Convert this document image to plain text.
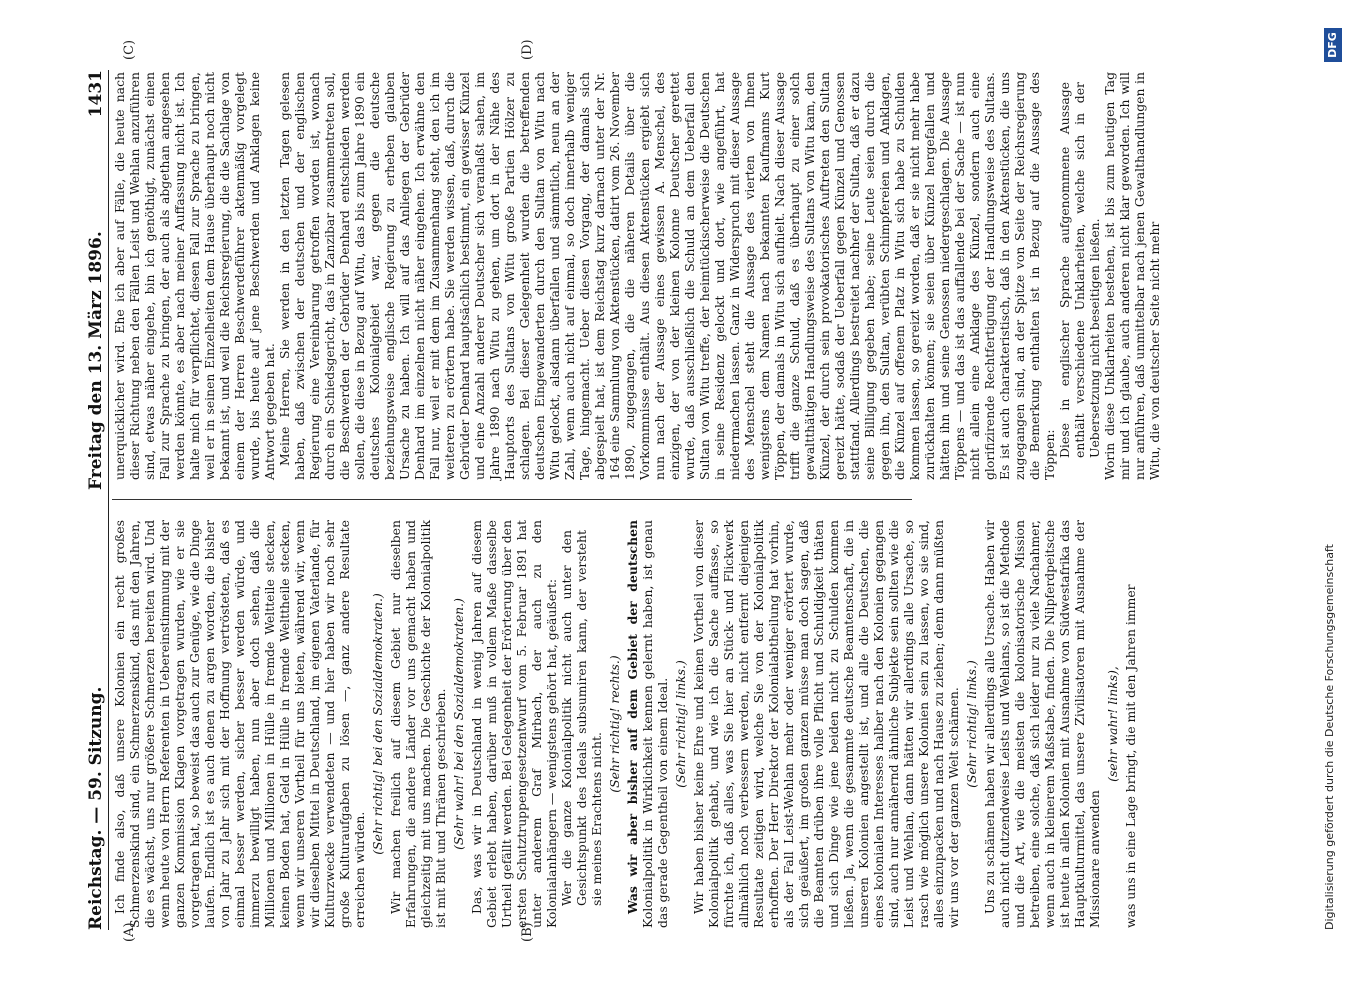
Reichstag. — 59. Sitzung.
Freitag den 13. März 1896.
1431
(A)	(B)
(C)	(D)

Ich finde also, daß unsere Kolonien ein recht großes Schmerzenskind sind, ein Schmerzenskind, das mit den Jahren, die es wächst, uns nur größere Schmerzen bereiten wird. Und wenn heute von Herrn Referenten in Uebereinstimmung mit der ganzen Kommission Klagen vorgetragen wurden, wie er sie vorgetragen hat, so beweist das auch zur Genüge, wie die Dinge laufen. Endlich ist es auch denen zu argen worden, die bisher von Jahr zu Jahr sich mit der Hoffnung vertrösteten, daß es einmal besser werden, sicher besser werden würde, und immerzu bewilligt haben, nun aber doch sehen, daß die Millionen und Millionen in Hülle in fremde Weltteile stecken, keinen Boden hat, Geld in Hülle in fremde Welttheile stecken, wenn wir unseren Vortheil für uns bieten, während wir, wenn wir dieselben Mittel in Deutschland, im eigenen Vaterlande, für Kulturzwecke verwendeten — und hier haben wir noch sehr große Kulturaufgaben zu lösen —, ganz andere Resultate erreichen würden.

(Sehr richtig! bei den Sozialdemokraten.) Wir machen freilich auf diesem Gebiet nur dieselben Erfahrungen, die andere Länder vor uns gemacht haben und gleichzeitig mit uns machen. Die Geschichte der Kolonialpolitik ist mit Blut und Thränen geschrieben. (Sehr wahr! bei den Sozialdemokraten.) Das, was wir in Deutschland in wenig Jahren auf diesem Gebiet erlebt haben, darüber muß in vollem Maße dasselbe Urtheil gefällt werden. Bei Gelegenheit der Erörterung über den ersten Schutztruppengesetzentwurf vom 5. Februar 1891 hat unter anderem Graf Mirbach, der auch zu den Kolonialanhängern — wenigstens gehört hat, geäußert: Wer die ganze Kolonialpolitik nicht auch unter den Gesichtspunkt des Ideals subsumiren kann, der versteht sie meines Erachtens nicht.

(Sehr richtig! rechts.) Was wir aber bisher auf dem Gebiet der deutschen Kolonialpolitik in Wirklichkeit kennen gelernt haben, ist genau das gerade Gegentheil von einem Ideal. (Sehr richtig! links.) Wir haben bisher keine Ehre und keinen Vortheil von dieser Kolonialpolitik gehabt, und wie ich die Sache auffasse, so fürchte ich, daß alles, was Sie hier an Stück- und Flickwerk allmählich noch verbessern werden, nicht entfernt diejenigen Resultate zeitigen wird, welche Sie von der Kolonialpolitik erhofften. Der Herr Direktor der Kolonialabtheilung hat vorhin, als der Fall Leist-Wehlan mehr oder weniger erörtert wurde, sich geäußert, im großen ganzen müsse man doch sagen, daß die Beamten drüben ihre volle Pflicht und Schuldigkeit thäten und sich Dinge wie jene beiden nicht zu Schulden kommen ließen. Ja, wenn die gesammte deutsche Beamtenschaft, die in unseren Kolonien angestellt ist, und alle die Deutschen, die eines kolonialen Interesses halber nach den Kolonien gegangen sind, auch nur annähernd ähnliche Subjekte sein sollten wie die Leist und Wehlan, dann hätten wir allerdings alle Ursache, so rasch wie möglich unsere Kolonien sein zu lassen, wo sie sind, alles einzupacken und nach Hause zu ziehen; denn dann müßten wir uns vor der ganzen Welt schämen. (Sehr richtig! links.) Uns zu schämen haben wir allerdings alle Ursache. Haben wir auch nicht dutzendweise Leists und Wehlans, so ist die Methode und die Art, wie die meisten die kolonisatorische Mission betreiben, eine solche, daß sich leider nur zu viele Nachahmer, wenn auch in kleinerem Maßstabe, finden. Die Nilpferdpeitsche ist heute in allen Kolonien mit Ausnahme von Südwestafrika das Hauptkulturmittel, das unsere Zivilisatoren mit Ausnahme der Missionare anwenden

(sehr wahr! links), was uns in eine Lage bringt, die mit den Jahren immer

unerquicklicher wird. Ehe ich aber auf Fälle, die heute nach dieser Richtung neben den Fällen Leist und Wehlan anzuführen sind, etwas näher eingehe, bin ich genöthigt, zunächst einen Fall zur Sprache zu bringen, der auch als abgethan angesehen werden könnte, es aber nach meiner Auffassung nicht ist. Ich halte mich für verpflichtet, diesen Fall zur Sprache zu bringen, weil er in seinen Einzelheiten dem Hause überhaupt noch nicht bekannt ist, und weil die Reichsregierung, die die Sachlage von einem der Herren Beschwerdeführer aktenmäßig vorgelegt wurde, bis heute auf jene Beschwerden und Anklagen keine Antwort gegeben hat. Meine Herren, Sie werden in den letzten Tagen gelesen haben, daß zwischen der deutschen und der englischen Regierung eine Vereinbarung getroffen worden ist, wonach durch ein Schiedsgericht, das in Zanzibar zusammentreten soll, die Beschwerden der Gebrüder Denhard entschieden werden sollen, die diese in Bezug auf Witu, das bis zum Jahre 1890 ein deutsches Kolonialgebiet war, gegen die deutsche beziehungsweise englische Regierung zu erheben glauben Ursache zu haben. Ich will auf das Anliegen der Gebrüder Denhard im einzelnen nicht näher eingehen. Ich erwähne den Fall nur, weil er mit dem im Zusammenhang steht, den ich im weiteren zu erörtern habe. Sie werden wissen, daß, durch die Gebrüder Denhard hauptsächlich bestimmt, ein gewisser Künzel und eine Anzahl anderer Deutscher sich veranlaßt sahen, im Jahre 1890 nach Witu zu gehen, um dort in der Nähe des Hauptorts des Sultans von Witu große Partien Hölzer zu schlagen. Bei dieser Gelegenheit wurden die betreffenden deutschen Eingewanderten durch den Sultan von Witu nach Witu gelockt, alsdann überfallen und sämmtlich, neun an der Zahl, wenn auch nicht auf einmal, so doch innerhalb weniger Tage, hingemacht. Ueber diesen Vorgang, der damals sich abgespielt hat, ist dem Reichstag kurz darnach unter der Nr. 164 eine Sammlung von Aktenstücken, datirt vom 26. November 1890, zugegangen, die die näheren Details über die Vorkommnisse enthält. Aus diesen Aktenstücken ergiebt sich nun nach der Aussage eines gewissen A. Menschel, des einzigen, der von der kleinen Kolonne Deutscher gerettet wurde, daß ausschließlich die Schuld an dem Ueberfall den Sultan von Witu treffe, der heimtückischerweise die Deutschen in seine Residenz gelockt und dort, wie angeführt, hat niedermachen lassen. Ganz in Widerspruch mit dieser Aussage des Menschel steht die Aussage des vierten von Ihnen wenigstens dem Namen nach bekannten Kaufmanns Kurt Töppen, der damals in Witu sich aufhielt. Nach dieser Aussage trifft die ganze Schuld, daß es überhaupt zu einer solch gewaltthätigen Handlungsweise des Sultans von Witu kam, den Künzel, der durch sein provokatorisches Auftreten den Sultan gereizt hätte, sodaß der Ueberfall gegen Künzel und Genossen stattfand. Allerdings bestreitet nachher der Sultan, daß er dazu seine Billigung gegeben habe; seine Leute seien durch die gegen ihn, den Sultan, verübten Schimpfereien und Anklagen, die Künzel auf offenem Platz in Witu sich habe zu Schulden kommen lassen, so gereizt worden, daß er sie nicht mehr habe zurückhalten können; sie seien über Künzel hergefallen und hätten ihn und seine Genossen niedergeschlagen. Die Aussage Töppens — und das ist das auffallende bei der Sache — ist nun nicht allein eine Anklage des Künzel, sondern auch eine glorifizirende Rechtfertigung der Handlungsweise des Sultans. Es ist auch charakteristisch, daß in den Aktenstücken, die uns zugegangen sind, an der Spitze von Seite der Reichsregierung die Bemerkung enthalten ist in Bezug auf die Aussage des Töppen: Diese in englischer Sprache aufgenommene Aussage enthält verschiedene Unklarheiten, welche sich in der Uebersetzung nicht beseitigen ließen. Worin diese Unklarheiten bestehen, ist bis zum heutigen Tag mir und ich glaube, auch anderen nicht klar geworden. Ich will nur anführen, daß unmittelbar nach jenen Gewalthandlungen in Witu, die von deutscher Seite nicht mehr

Digitalisierung gefördert durch die Deutsche Forschungsgemeinschaft
DFG
